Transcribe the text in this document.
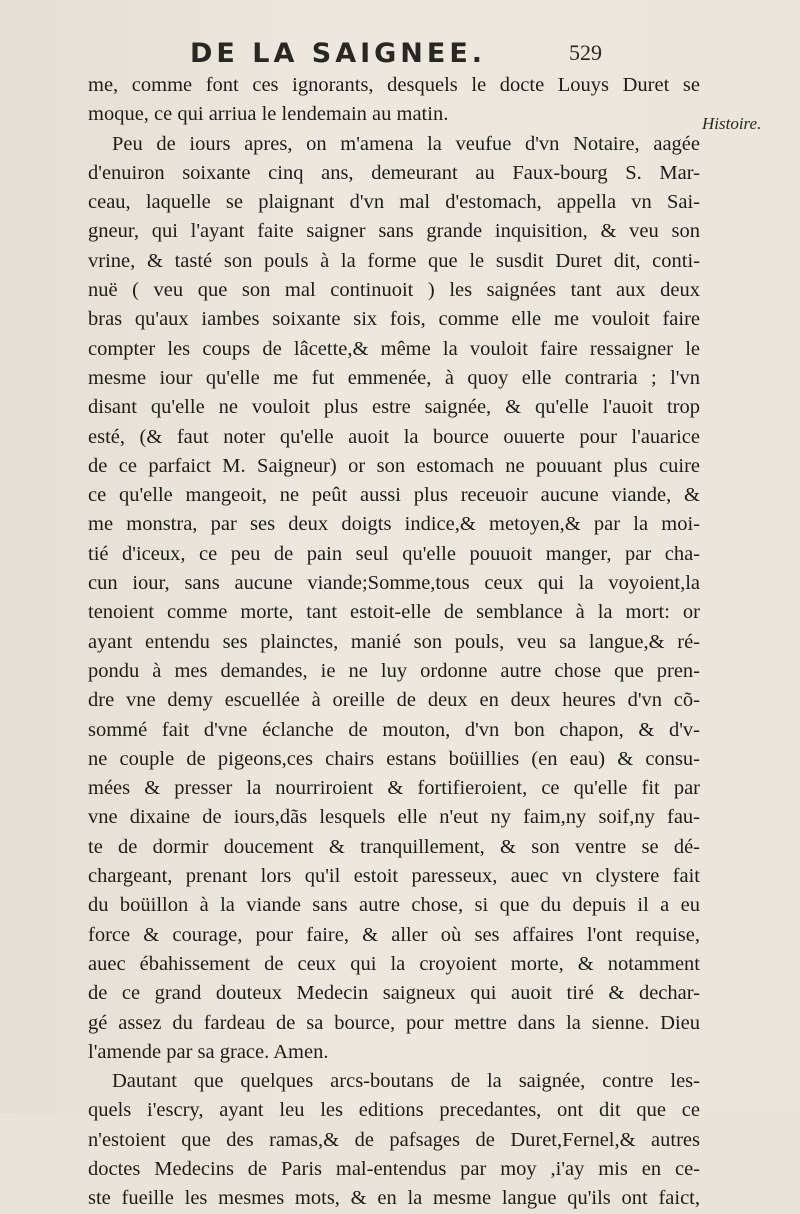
DE LA SAIGNEE.	529
Histoire.
me, comme font ces ignorants, desquels le docte Louys Duret se
moque, ce qui arriua le lendemain au matin.
Peu de iours apres, on m'amena la veufue d'vn Notaire, aagée
d'enuiron soixante cinq ans, demeurant au Faux-bourg S. Mar-
ceau, laquelle se plaignant d'vn mal d'estomach, appella vn Sai-
gneur, qui l'ayant faite saigner sans grande inquisition, & veu son
vrine, & tasté son pouls à la forme que le susdit Duret dit, conti-
nuë ( veu que son mal continuoit ) les saignées tant aux deux
bras qu'aux iambes soixante six fois, comme elle me vouloit faire
compter les coups de lâcette,& même la vouloit faire ressaigner le
mesme iour qu'elle me fut emmenée, à quoy elle contraria ; l'vn
disant qu'elle ne vouloit plus estre saignée, & qu'elle l'auoit trop
esté, (& faut noter qu'elle auoit la bource ouuerte pour l'auarice
de ce parfaict M. Saigneur) or son estomach ne pouuant plus cuire
ce qu'elle mangeoit, ne peût aussi plus receuoir aucune viande, &
me monstra, par ses deux doigts indice,& metoyen,& par la moi-
tié d'iceux, ce peu de pain seul qu'elle pouuoit manger, par cha-
cun iour, sans aucune viande;Somme,tous ceux qui la voyoient,la
tenoient comme morte, tant estoit-elle de semblance à la mort: or
ayant entendu ses plainctes, manié son pouls, veu sa langue,& ré-
pondu à mes demandes, ie ne luy ordonne autre chose que pren-
dre vne demy escuellée à oreille de deux en deux heures d'vn cõ-
sommé fait d'vne éclanche de mouton, d'vn bon chapon, & d'v-
ne couple de pigeons,ces chairs estans boüillies (en eau) & consu-
mées & presser la nourriroient & fortifieroient, ce qu'elle fit par
vne dixaine de iours,dãs lesquels elle n'eut ny faim,ny soif,ny fau-
te de dormir doucement & tranquillement, & son ventre se dé-
chargeant, prenant lors qu'il estoit paresseux, auec vn clystere fait
du boüillon à la viande sans autre chose, si que du depuis il a eu
force & courage, pour faire, & aller où ses affaires l'ont requise,
auec ébahissement de ceux qui la croyoient morte, & notamment
de ce grand douteux Medecin saigneux qui auoit tiré & dechar-
gé assez du fardeau de sa bource, pour mettre dans la sienne. Dieu
l'amende par sa grace. Amen.
Dautant que quelques arcs-boutans de la saignée, contre les-
quels i'escry, ayant leu les editions precedantes, ont dit que ce
n'estoient que des ramas,& de pafsages de Duret,Fernel,& autres
doctes Medecins de Paris mal-entendus par moy ,i'ay mis en ce-
ste fueille les mesmes mots, & en la mesme langue qu'ils ont faict,
